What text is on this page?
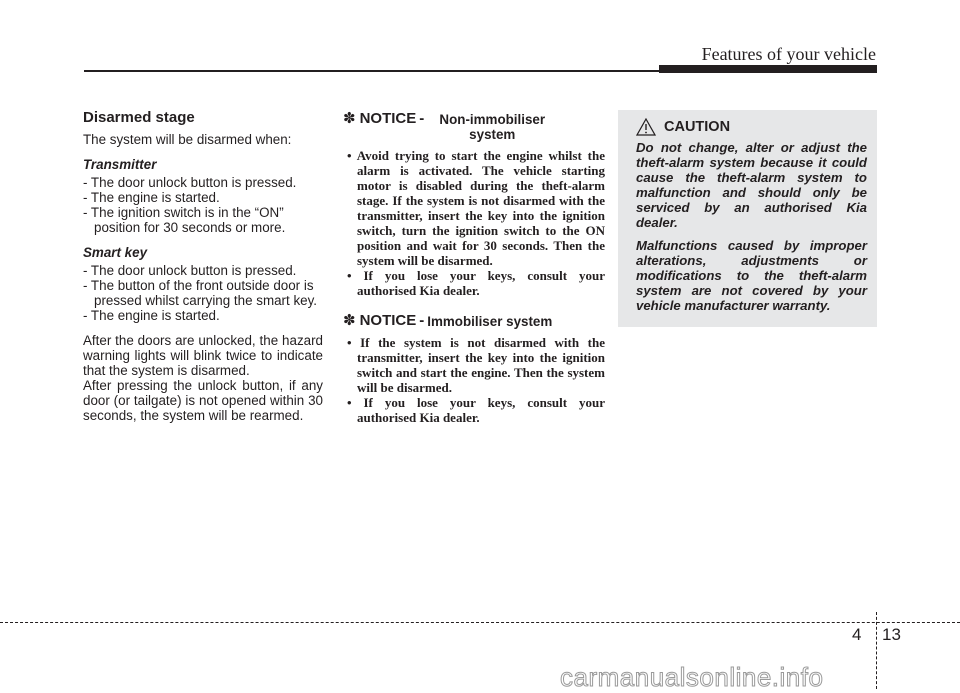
Features of your vehicle
Disarmed stage

The system will be disarmed when:

Transmitter
- The door unlock button is pressed.
- The engine is started.
- The ignition switch is in the “ON” position for 30 seconds or more.
Smart key
- The door unlock button is pressed.
- The button of the front outside door is pressed whilst carrying the smart key.
- The engine is started.

After the doors are unlocked, the hazard warning lights will blink twice to indicate that the system is disarmed.

After pressing the unlock button, if any door (or tailgate) is not opened within 30 seconds, the system will be rearmed.

✽ NOTICE -	Non-immobiliser system
• Avoid trying to start the engine whilst the alarm is activated. The vehicle starting motor is disabled during the theft-alarm stage. If the system is not disarmed with the transmitter, insert the key into the ignition switch, turn the ignition switch to the ON position and wait for 30 seconds. Then the system will be disarmed.
• If you lose your keys, consult your authorised Kia dealer.
✽ NOTICE - Immobiliser system
• If the system is not disarmed with the transmitter, insert the key into the ignition switch and start the engine. Then the system will be disarmed.
• If you lose your keys, consult your authorised Kia dealer.
CAUTION

Do not change, alter or adjust the theft-alarm system because it could cause the theft-alarm system to malfunction and should only be serviced by an authorised Kia dealer.

Malfunctions caused by improper alterations, adjustments or modifications to the theft-alarm system are not covered by your vehicle manufacturer warranty.

4 13
carmanualsonline.info
